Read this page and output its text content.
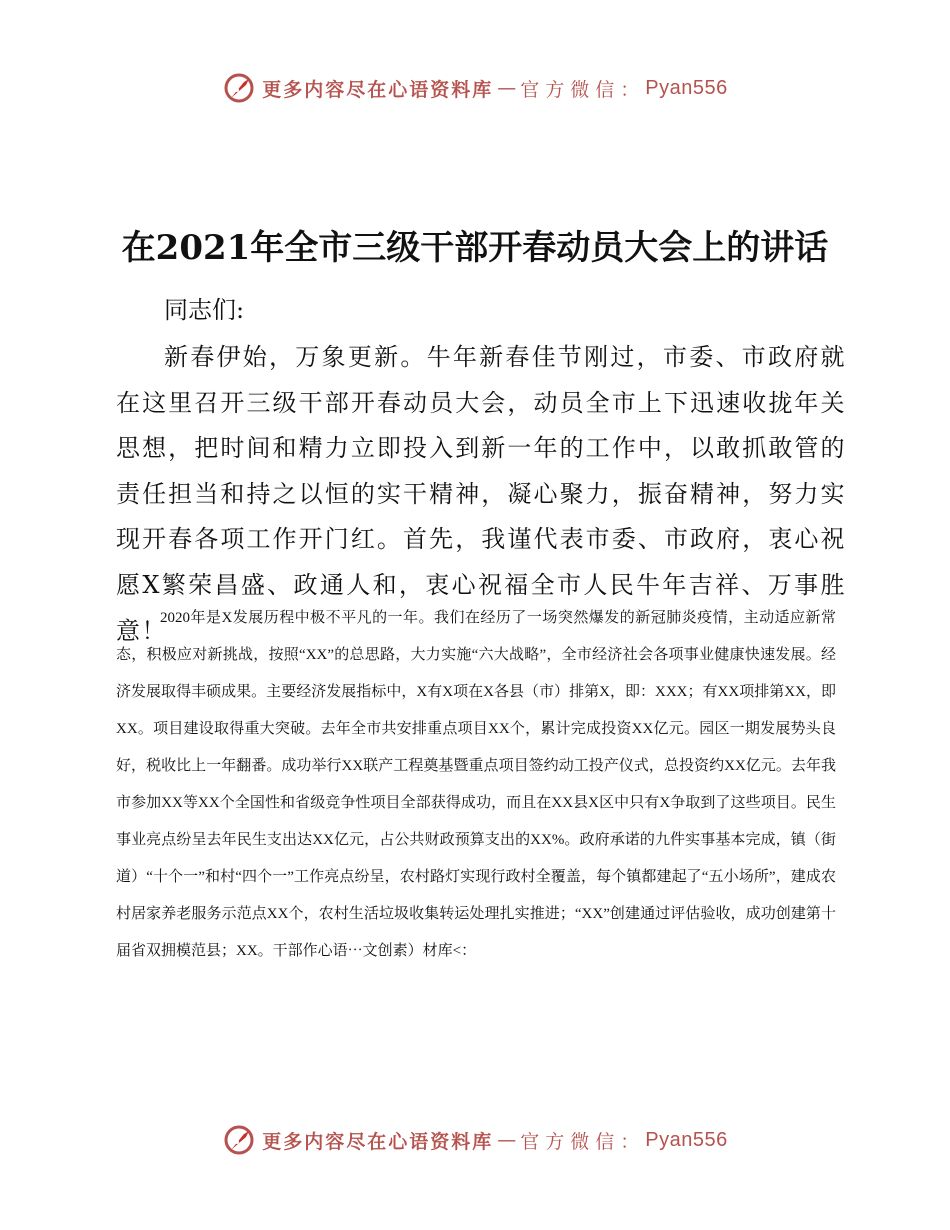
更多内容尽在心语资料库 — 官方微信： Pyan556
在2021年全市三级干部开春动员大会上的讲话
同志们:
新春伊始，万象更新。牛年新春佳节刚过，市委、市政府就在这里召开三级干部开春动员大会，动员全市上下迅速收拢年关思想，把时间和精力立即投入到新一年的工作中，以敢抓敢管的责任担当和持之以恒的实干精神，凝心聚力，振奋精神，努力实现开春各项工作开门红。首先，我谨代表市委、市政府，衷心祝愿X繁荣昌盛、政通人和，衷心祝福全市人民牛年吉祥、万事胜意！
2020年是X发展历程中极不平凡的一年。我们在经历了一场突然爆发的新冠肺炎疫情，主动适应新常态，积极应对新挑战，按照“XX”的总思路，大力实施“六大战略”，全市经济社会各项事业健康快速发展。经济发展取得丰硕成果。主要经济发展指标中，X有X项在X各县（市）排第X，即：XXX；有XX项排第XX，即XX。项目建设取得重大突破。去年全市共安排重点项目XX个，累计完成投资XX亿元。园区一期发展势头良好，税收比上一年翻番。成功举行XX联产工程奠基暨重点项目签约动工投产仪式，总投资约XX亿元。去年我市参加XX等XX个全国性和省级竞争性项目全部获得成功，而且在XX县X区中只有X争取到了这些项目。民生事业亮点纷呈去年民生支出达XX亿元，占公共财政预算支出的XX%。政府承诺的九件实事基本完成，镇（街道）“十个一”和村“四个一”工作亮点纷呈，农村路灯实现行政村全覆盖，每个镇都建起了“五小场所”，建成农村居家养老服务示范点XX个，农村生活垃圾收集转运处理扎实推进；“XX”创建通过评估验收，成功创建第十届省双拥模范县；XX。干部作心语⋯文创素）材库<：
更多内容尽在心语资料库 — 官方微信： Pyan556
